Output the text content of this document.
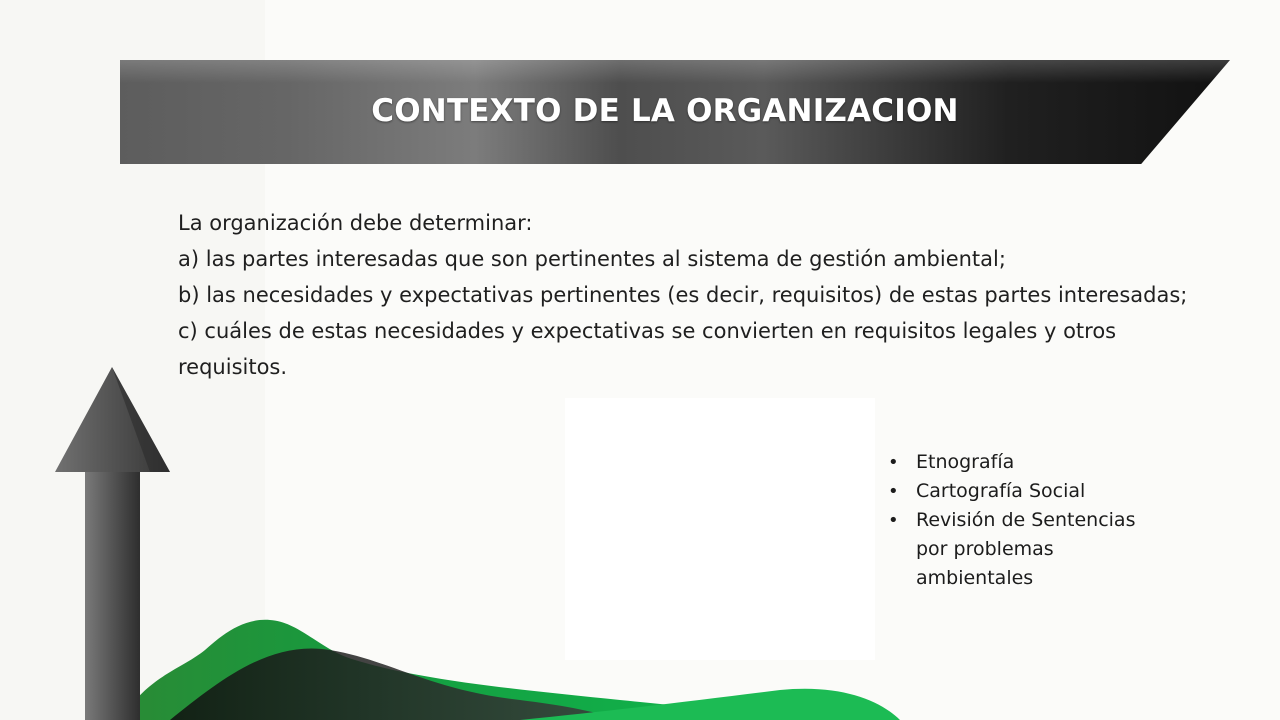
CONTEXTO DE LA ORGANIZACION
La organización debe determinar:
a) las partes interesadas que son pertinentes al sistema de gestión ambiental;
b) las necesidades y expectativas pertinentes (es decir, requisitos) de estas partes interesadas;
c) cuáles de estas necesidades y expectativas se convierten en requisitos legales y otros
requisitos.
• Etnografía
• Cartografía Social
• Revisión de Sentencias por problemas ambientales
